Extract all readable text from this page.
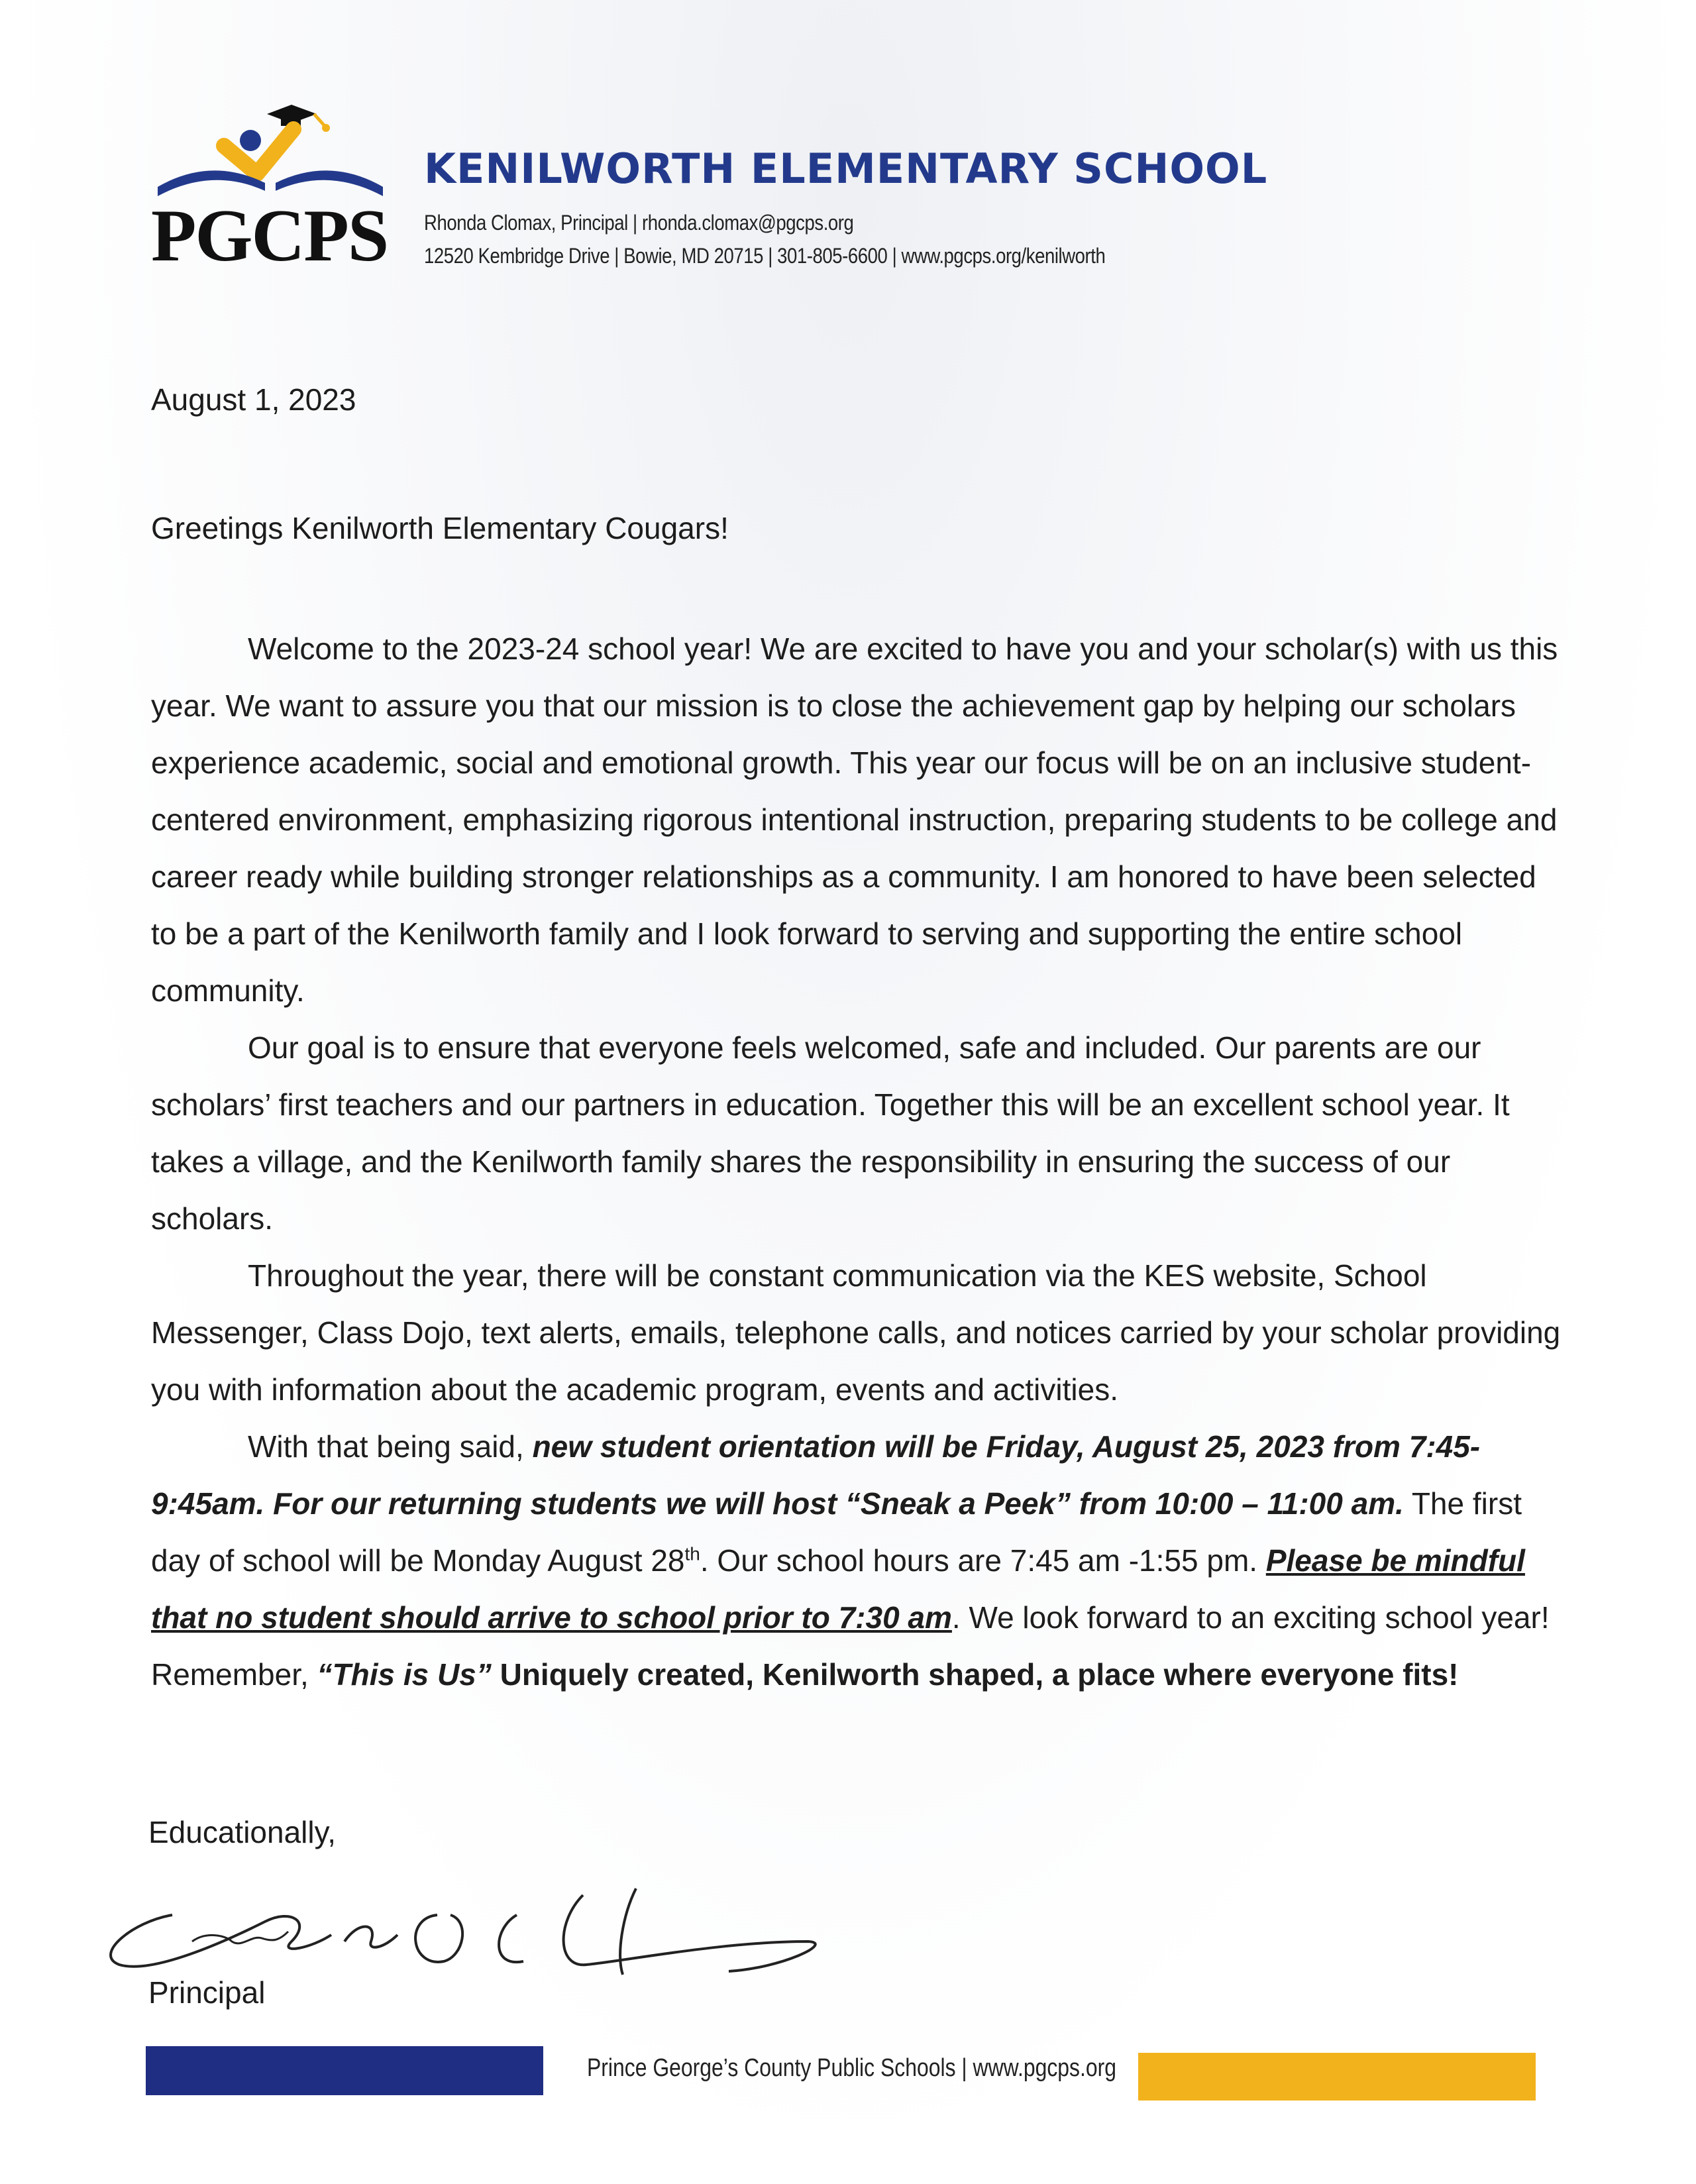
PGCPS
KENILWORTH ELEMENTARY SCHOOL
Rhonda Clomax, Principal | rhonda.clomax@pgcps.org
12520 Kembridge Drive | Bowie, MD 20715 | 301-805-6600 | www.pgcps.org/kenilworth
August 1, 2023
Greetings Kenilworth Elementary Cougars!

Welcome to the 2023-24 school year! We are excited to have you and your scholar(s) with us this year. We want to assure you that our mission is to close the achievement gap by helping our scholars experience academic, social and emotional growth. This year our focus will be on an inclusive student-centered environment, emphasizing rigorous intentional instruction, preparing students to be college and career ready while building stronger relationships as a community. I am honored to have been selected to be a part of the Kenilworth family and I look forward to serving and supporting the entire school community.

Our goal is to ensure that everyone feels welcomed, safe and included. Our parents are our scholars’ first teachers and our partners in education. Together this will be an excellent school year. It takes a village, and the Kenilworth family shares the responsibility in ensuring the success of our scholars.

Throughout the year, there will be constant communication via the KES website, School Messenger, Class Dojo, text alerts, emails, telephone calls, and notices carried by your scholar providing you with information about the academic program, events and activities.

With that being said, new student orientation will be Friday, August 25, 2023 from 7:45-9:45am. For our returning students we will host “Sneak a Peek” from 10:00 – 11:00 am. The first day of school will be Monday August 28th. Our school hours are 7:45 am -1:55 pm. Please be mindful that no student should arrive to school prior to 7:30 am. We look forward to an exciting school year! Remember, “This is Us” Uniquely created, Kenilworth shaped, a place where everyone fits!

Educationally,
Principal
Prince George’s County Public Schools | www.pgcps.org
